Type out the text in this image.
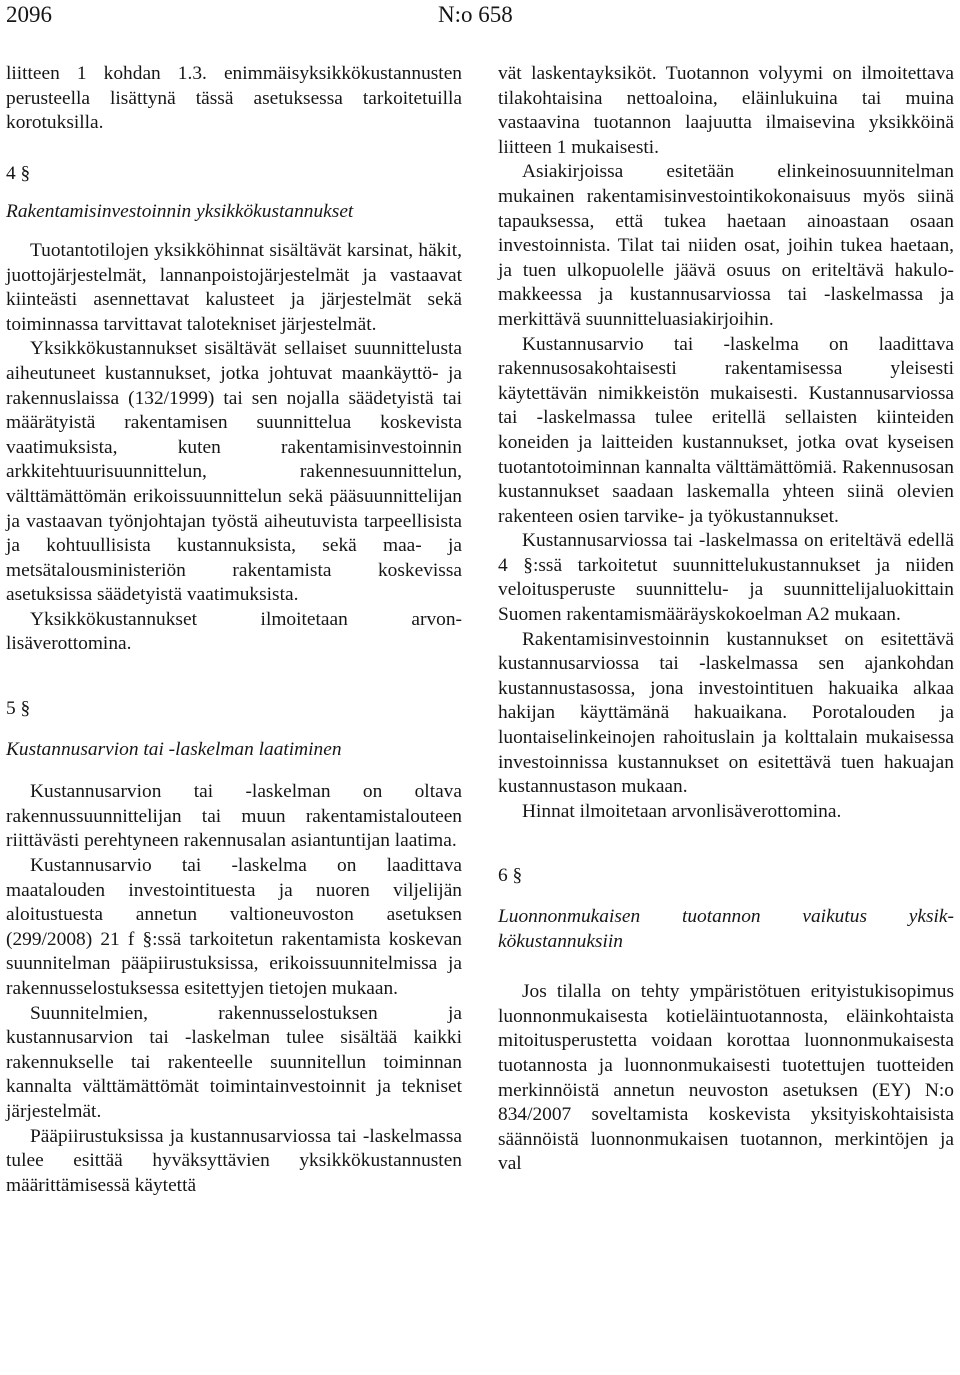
2096	N:o 658

liitteen 1 kohdan 1.3. enimmäisyksikkökustannusten perusteella lisättynä tässä asetuksessa tarkoitetuilla korotuksilla.

4 §

Rakentamisinvestoinnin yksikkökustannukset

Tuotantotilojen yksikköhinnat sisältävät karsinat, häkit, juottojärjestelmät, lannanpoistojärjestelmät ja vastaavat kiinteästi asennettavat kalusteet ja järjestelmät sekä toiminnassa tarvittavat talotekniset järjestelmät.

Yksikkökustannukset sisältävät sellaiset suunnittelusta aiheutuneet kustannukset, jotka johtuvat maankäyttö- ja rakennuslaissa (132/1999) tai sen nojalla säädetyistä tai määrätyistä rakentamisen suunnittelua koskevista vaatimuksista, kuten rakentamisinvestoinnin arkkitehtuurisuunnittelun, rakennesuunnittelun, välttämättömän erikoissuunnittelun sekä pääsuunnittelijan ja vastaavan työnjohtajan työstä aiheutuvista tarpeellisista ja kohtuullisista kustannuksista, sekä maa- ja metsätalousministeriön rakentamista koskevissa asetuksissa säädetyistä vaatimuksista.

Yksikkökustannukset ilmoitetaan arvonlisäverottomina.

5 §

Kustannusarvion tai -laskelman laatiminen

Kustannusarvion tai -laskelman on oltava rakennussuunnittelijan tai muun rakentamistalouteen riittävästi perehtyneen rakennusalan asiantuntijan laatima.

Kustannusarvio tai -laskelma on laadittava maatalouden investointituesta ja nuoren viljelijän aloitustuesta annetun valtioneuvoston asetuksen (299/2008) 21 f §:ssä tarkoitetun rakentamista koskevan suunnitelman pääpiirustuksissa, erikoissuunnitelmissa ja rakennusselostuksessa esitettyjen tietojen mukaan.

Suunnitelmien, rakennusselostuksen ja kustannusarvion tai -laskelman tulee sisältää kaikki rakennukselle tai rakenteelle suunnitellun toiminnan kannalta välttämättömät toimintainvestoinnit ja tekniset järjestelmät.

Pääpiirustuksissa ja kustannusarviossa tai -laskelmassa tulee esittää hyväksyttävien yksikkökustannusten määrittämisessä käytettä

vät laskentayksiköt. Tuotannon volyymi on ilmoitettava tilakohtaisina nettoaloina, eläinlukuina tai muina vastaavina tuotannon laajuutta ilmaisevina yksikköinä liitteen 1 mukaisesti.

Asiakirjoissa esitetään elinkeinosuunnitelman mukainen rakentamisinvestointikokonaisuus myös siinä tapauksessa, että tukea haetaan ainoastaan osaan investoinnista. Tilat tai niiden osat, joihin tukea haetaan, ja tuen ulkopuolelle jäävä osuus on eriteltävä hakulomakkeessa ja kustannusarviossa tai -laskelmassa ja merkittävä suunnitteluasiakirjoihin.

Kustannusarvio tai -laskelma on laadittava rakennusosakohtaisesti rakentamisessa yleisesti käytettävän nimikkeistön mukaisesti. Kustannusarviossa tai -laskelmassa tulee eritellä sellaisten kiinteiden koneiden ja laitteiden kustannukset, jotka ovat kyseisen tuotantotoiminnan kannalta välttämättömiä. Rakennusosan kustannukset saadaan laskemalla yhteen siinä olevien rakenteen osien tarvike- ja työkustannukset.

Kustannusarviossa tai -laskelmassa on eriteltävä edellä 4 §:ssä tarkoitetut suunnittelukustannukset ja niiden veloitusperuste suunnittelu- ja suunnittelijaluokittain Suomen rakentamismääräyskokoelman A2 mukaan.

Rakentamisinvestoinnin kustannukset on esitettävä kustannusarviossa tai -laskelmassa sen ajankohdan kustannustasossa, jona investointituen hakuaika alkaa hakijan käyttämänä hakuaikana. Porotalouden ja luontaiselinkeinojen rahoituslain ja kolttalain mukaisessa investoinnissa kustannukset on esitettävä tuen hakuajan kustannustason mukaan.

Hinnat ilmoitetaan arvonlisäverottomina.

6 §

Luonnonmukaisen tuotannon vaikutus yksikkökustannuksiin

Jos tilalla on tehty ympäristötuen erityistukisopimus luonnonmukaisesta kotieläintuotannosta, eläinkohtaista mitoitusperustetta voidaan korottaa luonnonmukaisesta tuotannosta ja luonnonmukaisesti tuotettujen tuotteiden merkinnöistä annetun neuvoston asetuksen (EY) N:o 834/2007 soveltamista koskevista yksityiskohtaisista säännöistä luonnonmukaisen tuotannon, merkintöjen ja val
